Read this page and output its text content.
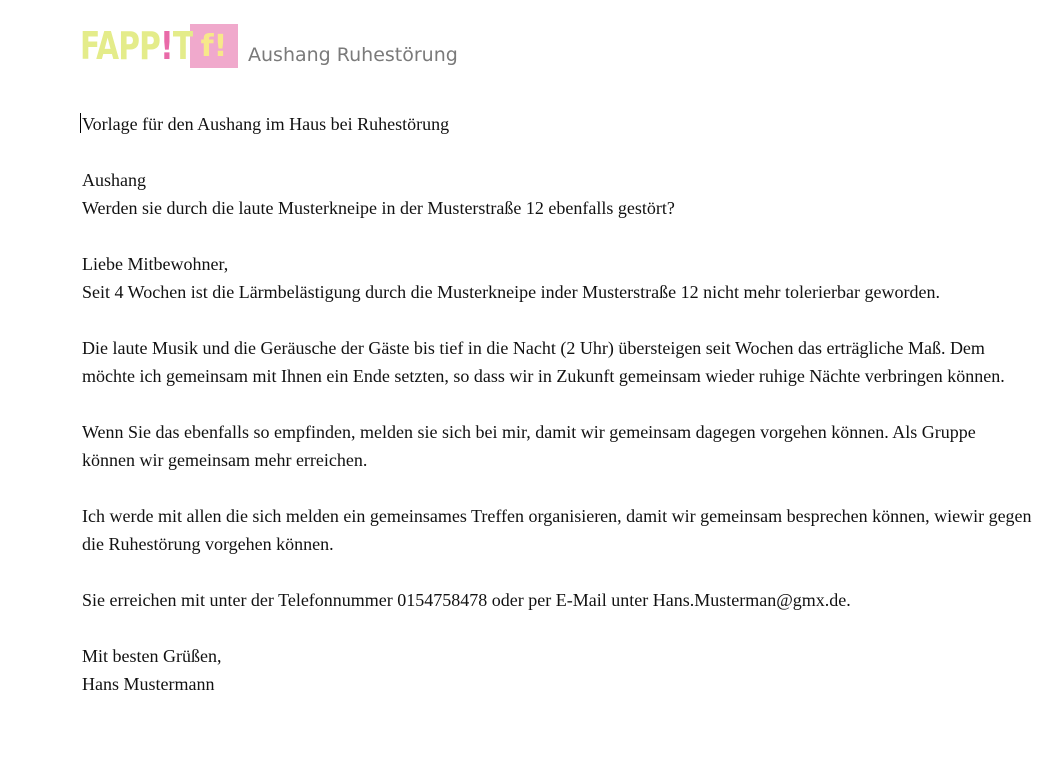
FAPP!T f! Aushang Ruhestörung

Vorlage für den Aushang im Haus bei Ruhestörung

Aushang

Werden sie durch die laute Musterkneipe in der Musterstraße 12 ebenfalls gestört?

Liebe Mitbewohner,

Seit 4 Wochen ist die Lärmbelästigung durch die Musterkneipe inder Musterstraße 12 nicht mehr tolerierbar geworden.

Die laute Musik und die Geräusche der Gäste bis tief in die Nacht (2 Uhr) übersteigen seit Wochen das erträgliche Maß. Dem möchte ich gemeinsam mit Ihnen ein Ende setzten, so dass wir in Zukunft gemeinsam wieder ruhige Nächte verbringen können.

Wenn Sie das ebenfalls so empfinden, melden sie sich bei mir, damit wir gemeinsam dagegen vorgehen können. Als Gruppe können wir gemeinsam mehr erreichen.

Ich werde mit allen die sich melden ein gemeinsames Treffen organisieren, damit wir gemeinsam besprechen können, wiewir gegen die Ruhestörung vorgehen können.

Sie erreichen mit unter der Telefonnummer 0154758478 oder per E-Mail unter Hans.Musterman@gmx.de.

Mit besten Grüßen,

Hans Mustermann
